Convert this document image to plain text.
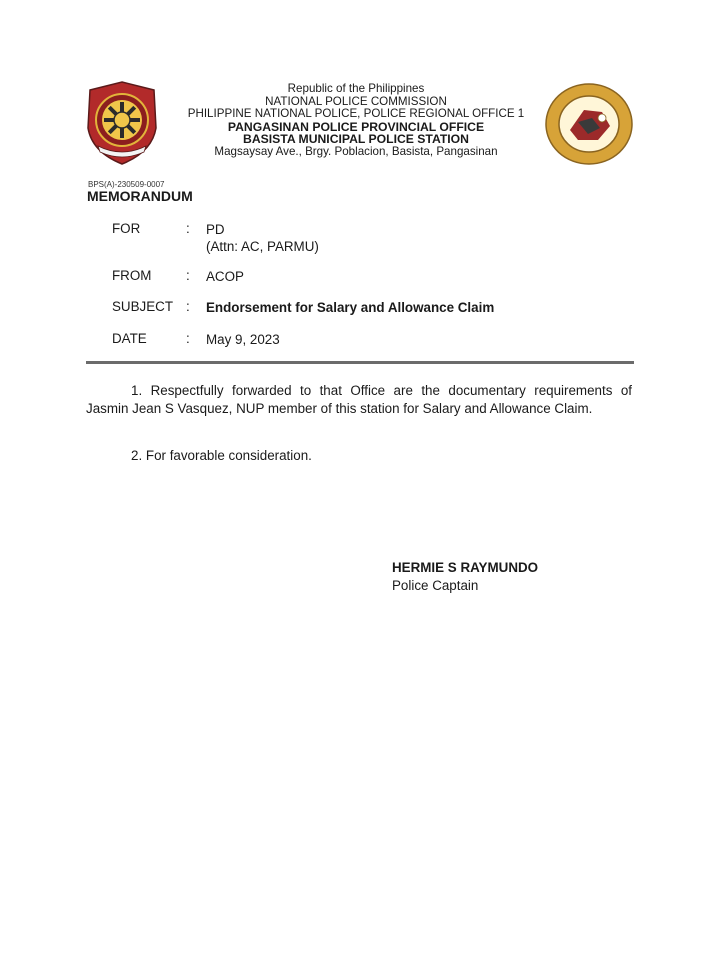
Republic of the Philippines
NATIONAL POLICE COMMISSION
PHILIPPINE NATIONAL POLICE, POLICE REGIONAL OFFICE 1
PANGASINAN POLICE PROVINCIAL OFFICE
BASISTA MUNICIPAL POLICE STATION
Magsaysay Ave., Brgy. Poblacion, Basista, Pangasinan
BPS(A)-230509-0007
MEMORANDUM
FOR	: PD
(Attn: AC, PARMU)
FROM	: ACOP
SUBJECT : Endorsement for Salary and Allowance Claim
DATE	: May 9, 2023
1. Respectfully forwarded to that Office are the documentary requirements of
Jasmin Jean S Vasquez, NUP member of this station for Salary and Allowance Claim.
2. For favorable consideration.
HERMIE S RAYMUNDO
Police Captain
